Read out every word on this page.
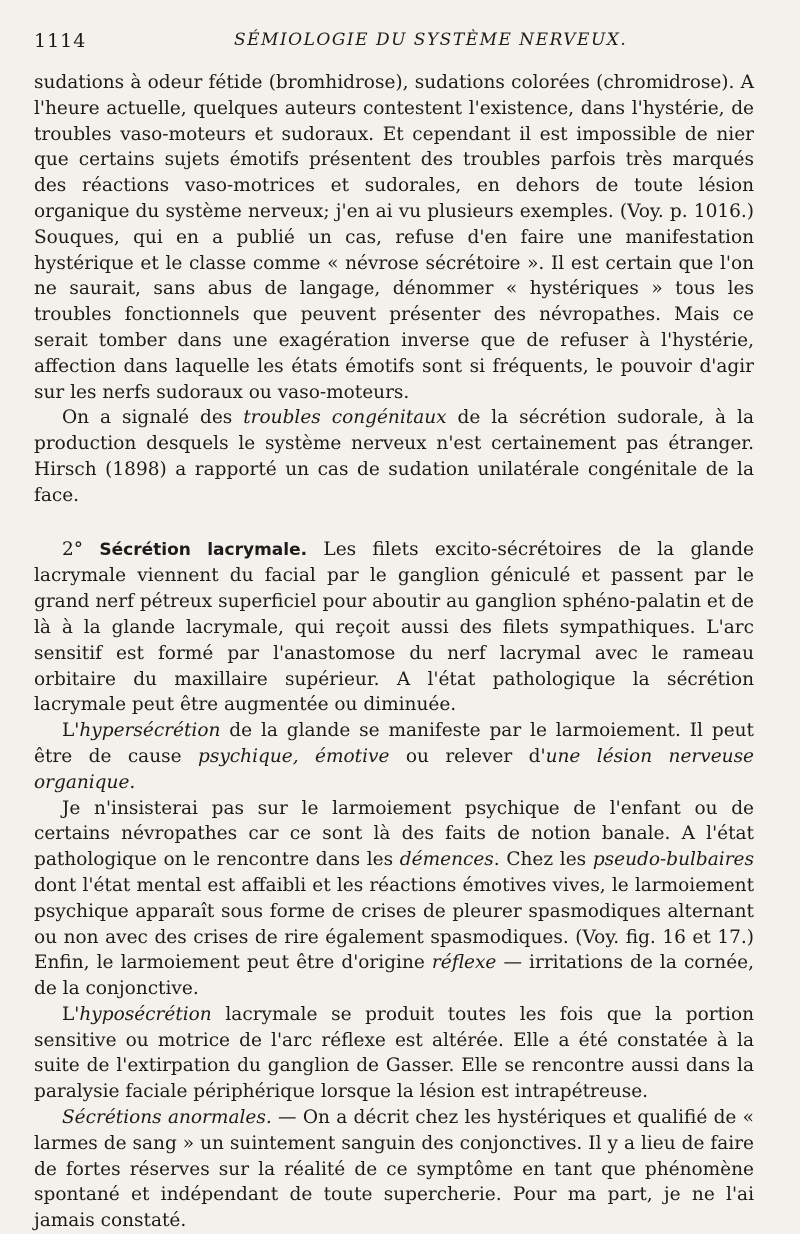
1114	SÉMIOLOGIE DU SYSTÈME NERVEUX.

sudations à odeur fétide (bromhidrose), sudations colorées (chromidrose). A l'heure actuelle, quelques auteurs contestent l'existence, dans l'hystérie, de troubles vaso-moteurs et sudoraux. Et cependant il est impossible de nier que certains sujets émotifs présentent des troubles parfois très marqués des réactions vaso-motrices et sudorales, en dehors de toute lésion organique du système nerveux; j'en ai vu plusieurs exemples. (Voy. p. 1016.) Souques, qui en a publié un cas, refuse d'en faire une manifestation hystérique et le classe comme « névrose sécrétoire ». Il est certain que l'on ne saurait, sans abus de langage, dénommer « hystériques » tous les troubles fonctionnels que peuvent présenter des névropathes. Mais ce serait tomber dans une exagération inverse que de refuser à l'hystérie, affection dans laquelle les états émotifs sont si fréquents, le pouvoir d'agir sur les nerfs sudoraux ou vaso-moteurs.

On a signalé des troubles congénitaux de la sécrétion sudorale, à la production desquels le système nerveux n'est certainement pas étranger. Hirsch (1898) a rapporté un cas de sudation unilatérale congénitale de la face.

2° Sécrétion lacrymale. Les filets excito-sécrétoires de la glande lacrymale viennent du facial par le ganglion géniculé et passent par le grand nerf pétreux superficiel pour aboutir au ganglion sphéno-palatin et de là à la glande lacrymale, qui reçoit aussi des filets sympathiques. L'arc sensitif est formé par l'anastomose du nerf lacrymal avec le rameau orbitaire du maxillaire supérieur. A l'état pathologique la sécrétion lacrymale peut être augmentée ou diminuée.

L'hypersécrétion de la glande se manifeste par le larmoiement. Il peut être de cause psychique, émotive ou relever d'une lésion nerveuse organique.

Je n'insisterai pas sur le larmoiement psychique de l'enfant ou de certains névropathes car ce sont là des faits de notion banale. A l'état pathologique on le rencontre dans les démences. Chez les pseudo-bulbaires dont l'état mental est affaibli et les réactions émotives vives, le larmoiement psychique apparaît sous forme de crises de pleurer spasmodiques alternant ou non avec des crises de rire également spasmodiques. (Voy. fig. 16 et 17.) Enfin, le larmoiement peut être d'origine réflexe — irritations de la cornée, de la conjonctive.

L'hyposécrétion lacrymale se produit toutes les fois que la portion sensitive ou motrice de l'arc réflexe est altérée. Elle a été constatée à la suite de l'extirpation du ganglion de Gasser. Elle se rencontre aussi dans la paralysie faciale périphérique lorsque la lésion est intrapétreuse.

Sécrétions anormales. — On a décrit chez les hystériques et qualifié de « larmes de sang » un suintement sanguin des conjonctives. Il y a lieu de faire de fortes réserves sur la réalité de ce symptôme en tant que phénomène spontané et indépendant de toute supercherie. Pour ma part, je ne l'ai jamais constaté.
